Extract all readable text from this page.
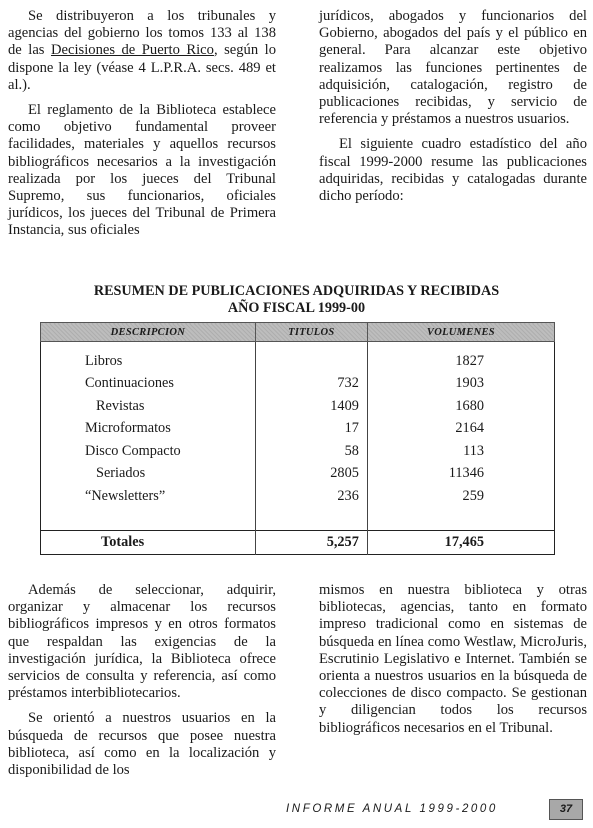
Se distribuyeron a los tribunales y agencias del gobierno los tomos 133 al 138 de las Decisiones de Puerto Rico, según lo dispone la ley (véase 4 L.P.R.A. secs. 489 et al.).

El reglamento de la Biblioteca establece como objetivo fundamental proveer facilidades, materiales y aquellos recursos bibliográficos necesarios a la investigación realizada por los jueces del Tribunal Supremo, sus funcionarios, oficiales jurídicos, los jueces del Tribunal de Primera Instancia, sus oficiales

jurídicos, abogados y funcionarios del Gobierno, abogados del país y el público en general. Para alcanzar este objetivo realizamos las funciones pertinentes de adquisición, catalogación, registro de publicaciones recibidas, y servicio de referencia y préstamos a nuestros usuarios.

El siguiente cuadro estadístico del año fiscal 1999-2000 resume las publicaciones adquiridas, recibidas y catalogadas durante dicho período:

RESUMEN DE PUBLICACIONES ADQUIRIDAS Y RECIBIDAS
AÑO FISCAL 1999-00
DESCRIPCION	TITULOS	VOLUMENES
Libros		1827
Continuaciones	732	1903
Revistas	1409	1680
Microformatos	17	2164
Disco Compacto	58	113
Seriados	2805	11346
“Newsletters”	236	259

Totales	5,257	17,465

Además de seleccionar, adquirir, organizar y almacenar los recursos bibliográficos impresos y en otros formatos que respaldan las exigencias de la investigación jurídica, la Biblioteca ofrece servicios de consulta y referencia, así como préstamos interbibliotecarios.

Se orientó a nuestros usuarios en la búsqueda de recursos que posee nuestra biblioteca, así como en la localización y disponibilidad de los

mismos en nuestra biblioteca y otras bibliotecas, agencias, tanto en formato impreso tradicional como en sistemas de búsqueda en línea como Westlaw, MicroJuris, Escrutinio Legislativo e Internet. También se orienta a nuestros usuarios en la búsqueda de colecciones de disco compacto. Se gestionan y diligencian todos los recursos bibliográficos necesarios en el Tribunal.

INFORME ANUAL 1999-2000	37
